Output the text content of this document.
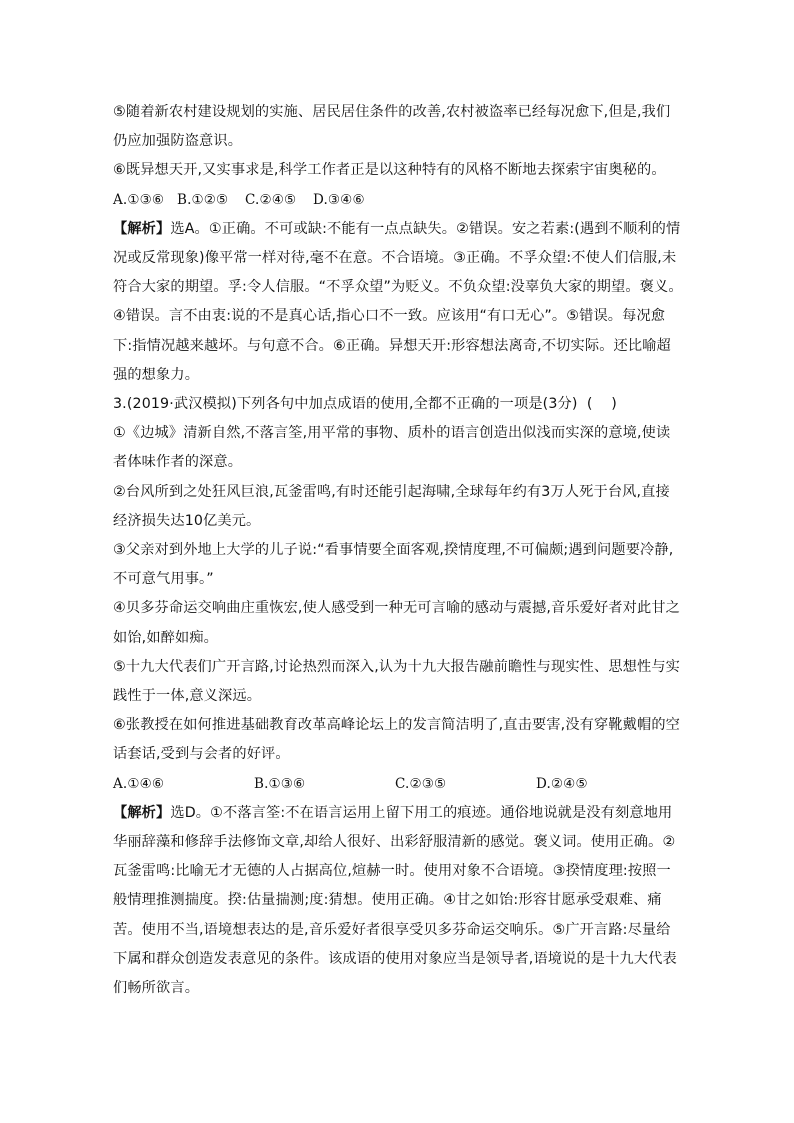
⑤随着新农村建设规划的实施、居民居住条件的改善,农村被盗率已经每况愈下,但是,我们仍应加强防盗意识。

⑥既异想天开,又实事求是,科学工作者正是以这种特有的风格不断地去探索宇宙奥秘的。

A.①③⑥ B.①②⑤	C.②④⑤	D.③④⑥

【解析】选A。①正确。不可或缺:不能有一点点缺失。②错误。安之若素:(遇到不顺利的情况或反常现象)像平常一样对待,毫不在意。不合语境。③正确。不孚众望:不使人们信服,未符合大家的期望。孚:令人信服。“不孚众望”为贬义。不负众望:没辜负大家的期望。褒义。④错误。言不由衷:说的不是真心话,指心口不一致。应该用“有口无心”。⑤错误。每况愈下:指情况越来越坏。与句意不合。⑥正确。异想天开:形容想法离奇,不切实际。还比喻超强的想象力。

3.(2019·武汉模拟)下列各句中加点成语的使用,全都不正确的一项是(3分)  (    )

①《边城》清新自然,不落言筌,用平常的事物、质朴的语言创造出似浅而实深的意境,使读者体味作者的深意。

②台风所到之处狂风巨浪,瓦釜雷鸣,有时还能引起海啸,全球每年约有3万人死于台风,直接经济损失达10亿美元。

③父亲对到外地上大学的儿子说:“看事情要全面客观,揆情度理,不可偏颇;遇到问题要冷静,不可意气用事。”

④贝多芬命运交响曲庄重恢宏,使人感受到一种无可言喻的感动与震撼,音乐爱好者对此甘之如饴,如醉如痴。

⑤十九大代表们广开言路,讨论热烈而深入,认为十九大报告融前瞻性与现实性、思想性与实践性于一体,意义深远。

⑥张教授在如何推进基础教育改革高峰论坛上的发言简洁明了,直击要害,没有穿靴戴帽的空话套话,受到与会者的好评。

A.①④⑥	B.①③⑥	C.②③⑤	D.②④⑤

【解析】选D。①不落言筌:不在语言运用上留下用工的痕迹。通俗地说就是没有刻意地用华丽辞藻和修辞手法修饰文章,却给人很好、出彩舒服清新的感觉。褒义词。使用正确。②瓦釜雷鸣:比喻无才无德的人占据高位,煊赫一时。使用对象不合语境。③揆情度理:按照一般情理推测揣度。揆:估量揣测;度:猜想。使用正确。④甘之如饴:形容甘愿承受艰难、痛苦。使用不当,语境想表达的是,音乐爱好者很享受贝多芬命运交响乐。⑤广开言路:尽量给下属和群众创造发表意见的条件。该成语的使用对象应当是领导者,语境说的是十九大代表们畅所欲言。
